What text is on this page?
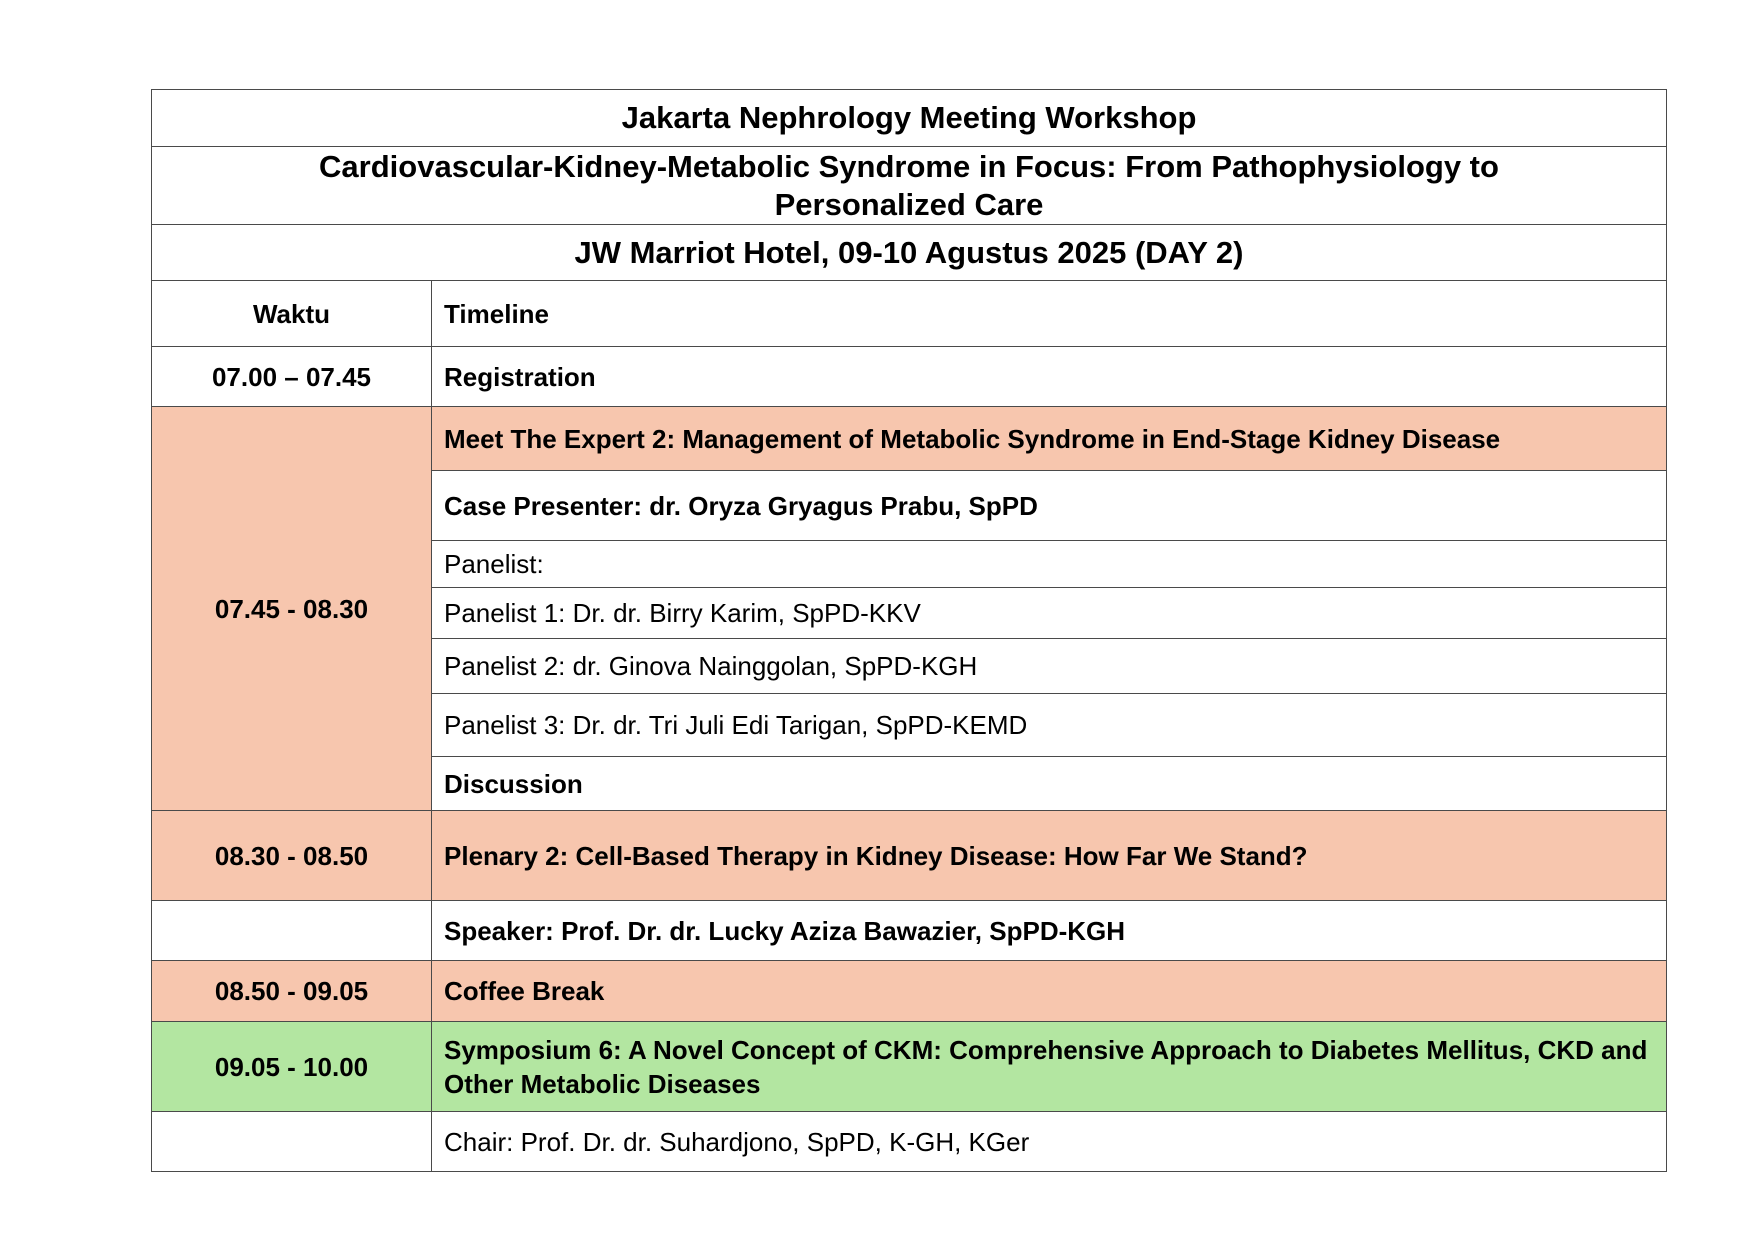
Jakarta Nephrology Meeting Workshop	
Cardiovascular-Kidney-Metabolic Syndrome in Focus: From Pathophysiology to Personalized Care	
JW Marriot Hotel, 09-10 Agustus 2025 (DAY 2)	
Waktu	Timeline
07.00 – 07.45	Registration
07.45 - 08.30	Meet The Expert 2: Management of Metabolic Syndrome in End-Stage Kidney Disease
	Case Presenter: dr. Oryza Gryagus Prabu, SpPD
	Panelist:
	Panelist 1: Dr. dr. Birry Karim, SpPD-KKV
	Panelist 2: dr. Ginova Nainggolan, SpPD-KGH
	Panelist 3: Dr. dr. Tri Juli Edi Tarigan, SpPD-KEMD
	Discussion
08.30 - 08.50	Plenary 2: Cell-Based Therapy in Kidney Disease: How Far We Stand?
	Speaker: Prof. Dr. dr. Lucky Aziza Bawazier, SpPD-KGH
08.50 - 09.05	Coffee Break
09.05 - 10.00	Symposium 6: A Novel Concept of CKM: Comprehensive Approach to Diabetes Mellitus, CKD and Other Metabolic Diseases
	Chair: Prof. Dr. dr. Suhardjono, SpPD, K-GH, KGer
